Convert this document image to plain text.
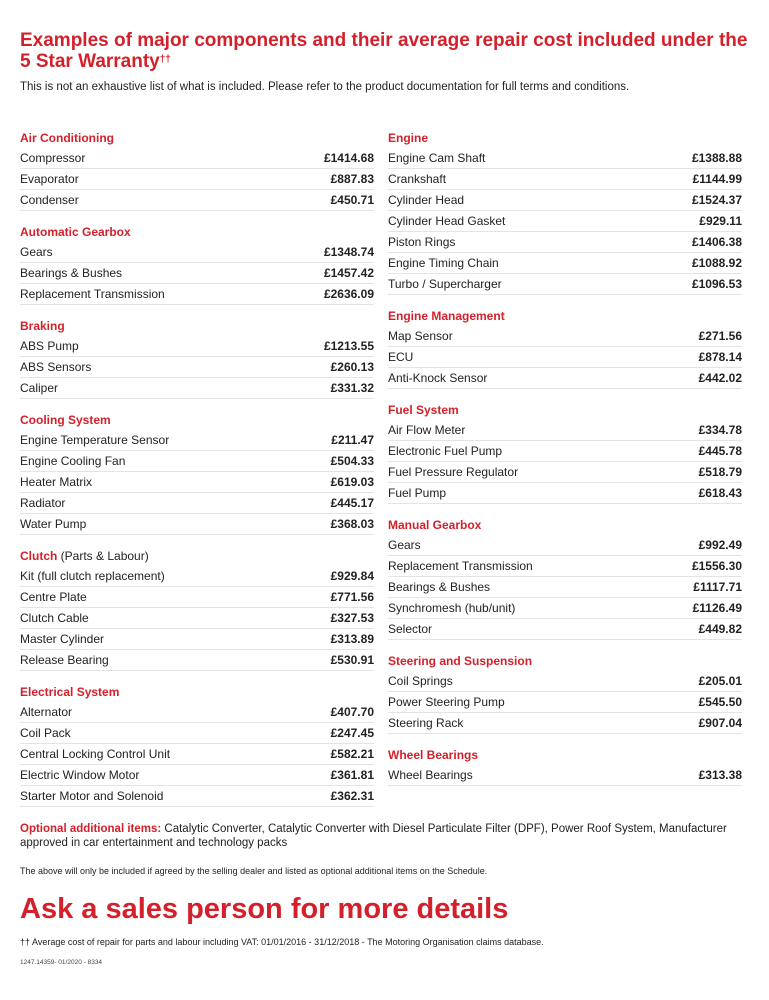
Examples of major components and their average repair cost included under the 5 Star Warranty††
This is not an exhaustive list of what is included. Please refer to the product documentation for full terms and conditions.
Air Conditioning
Compressor	£1414.68
Evaporator	£887.83
Condenser	£450.71
Automatic Gearbox
Gears	£1348.74
Bearings & Bushes	£1457.42
Replacement Transmission	£2636.09
Braking
ABS Pump	£1213.55
ABS Sensors	£260.13
Caliper	£331.32
Cooling System
Engine Temperature Sensor	£211.47
Engine Cooling Fan	£504.33
Heater Matrix	£619.03
Radiator	£445.17
Water Pump	£368.03
Clutch (Parts & Labour)
Kit (full clutch replacement)	£929.84
Centre Plate	£771.56
Clutch Cable	£327.53
Master Cylinder	£313.89
Release Bearing	£530.91
Electrical System
Alternator	£407.70
Coil Pack	£247.45
Central Locking Control Unit	£582.21
Electric Window Motor	£361.81
Starter Motor and Solenoid	£362.31
Engine
Engine Cam Shaft	£1388.88
Crankshaft	£1144.99
Cylinder Head	£1524.37
Cylinder Head Gasket	£929.11
Piston Rings	£1406.38
Engine Timing Chain	£1088.92
Turbo / Supercharger	£1096.53
Engine Management
Map Sensor	£271.56
ECU	£878.14
Anti-Knock Sensor	£442.02
Fuel System
Air Flow Meter	£334.78
Electronic Fuel Pump	£445.78
Fuel Pressure Regulator	£518.79
Fuel Pump	£618.43
Manual Gearbox
Gears	£992.49
Replacement Transmission	£1556.30
Bearings & Bushes	£1117.71
Synchromesh (hub/unit)	£1126.49
Selector	£449.82
Steering and Suspension
Coil Springs	£205.01
Power Steering Pump	£545.50
Steering Rack	£907.04
Wheel Bearings
Wheel Bearings	£313.38
Optional additional items: Catalytic Converter, Catalytic Converter with Diesel Particulate Filter (DPF), Power Roof System, Manufacturer approved in car entertainment and technology packs
The above will only be included if agreed by the selling dealer and listed as optional additional items on the Schedule.
Ask a sales person for more details
†† Average cost of repair for parts and labour including VAT: 01/01/2016 - 31/12/2018 - The Motoring Organisation claims database.
1247.14359- 01/2020 - 8334
